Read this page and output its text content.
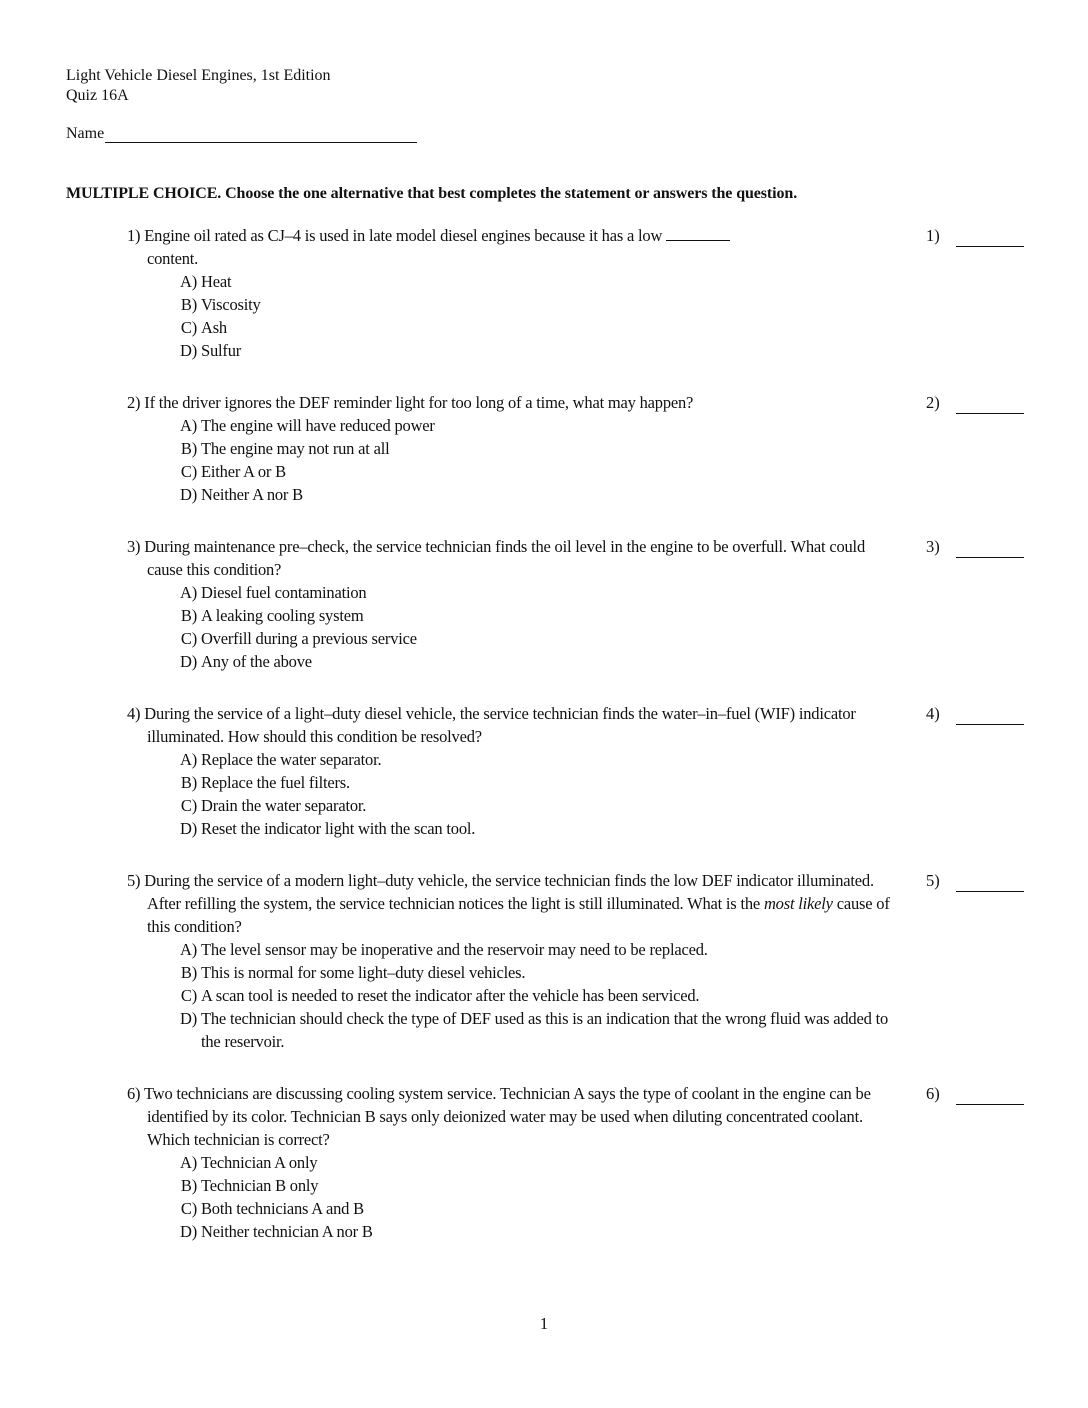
Light Vehicle Diesel Engines, 1st Edition
Quiz 16A
Name
MULTIPLE CHOICE. Choose the one alternative that best completes the statement or answers the question.
1) Engine oil rated as CJ–4 is used in late model diesel engines because it has a low
content.
A) Heat
B) Viscosity
C) Ash
D) Sulfur
1)
2) If the driver ignores the DEF reminder light for too long of a time, what may happen?
A) The engine will have reduced power
B) The engine may not run at all
C) Either A or B
D) Neither A nor B
2)
3) During maintenance pre–check, the service technician finds the oil level in the engine to be overfull. What could cause this condition?
A) Diesel fuel contamination
B) A leaking cooling system
C) Overfill during a previous service
D) Any of the above
3)
4) During the service of a light–duty diesel vehicle, the service technician finds the water–in–fuel (WIF) indicator illuminated. How should this condition be resolved?
A) Replace the water separator.
B) Replace the fuel filters.
C) Drain the water separator.
D) Reset the indicator light with the scan tool.
4)
5) During the service of a modern light–duty vehicle, the service technician finds the low DEF indicator illuminated. After refilling the system, the service technician notices the light is still illuminated. What is the most likely cause of this condition?
A) The level sensor may be inoperative and the reservoir may need to be replaced.
B) This is normal for some light–duty diesel vehicles.
C) A scan tool is needed to reset the indicator after the vehicle has been serviced.
D) The technician should check the type of DEF used as this is an indication that the wrong fluid was added to the reservoir.
5)
6) Two technicians are discussing cooling system service. Technician A says the type of coolant in the engine can be identified by its color. Technician B says only deionized water may be used when diluting concentrated coolant. Which technician is correct?
A) Technician A only
B) Technician B only
C) Both technicians A and B
D) Neither technician A nor B
6)
1
